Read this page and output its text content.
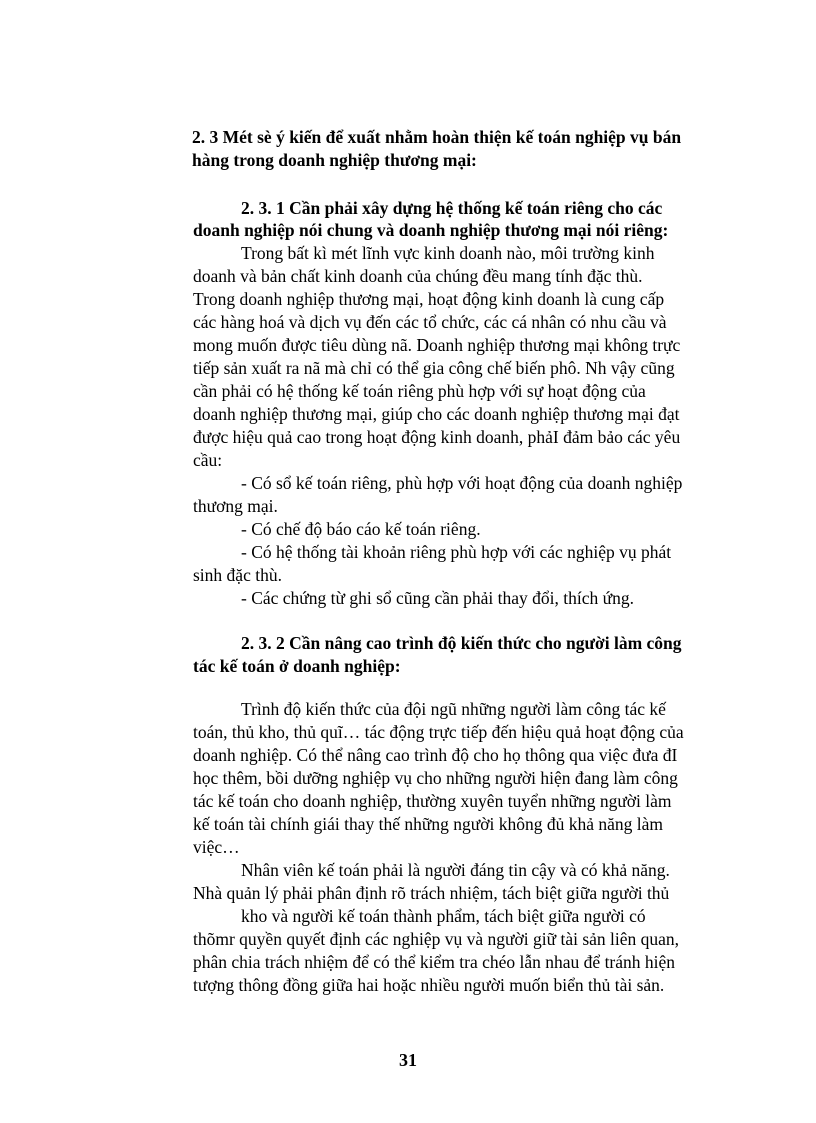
2. 3 Mét sè ý kiến để xuất nhằm hoàn thiện kế toán nghiệp vụ bán
hàng trong doanh nghiệp thương mại:
2. 3. 1 Cần phải xây dựng hệ thống kế toán riêng cho các
doanh nghiệp nói chung và doanh nghiệp thương mại nói riêng:
Trong bất kì mét lĩnh vực kinh doanh nào, môi trường kinh
doanh và bản chất kinh doanh của chúng đều mang tính đặc thù.
Trong doanh nghiệp thương mại, hoạt động kinh doanh là cung cấp
các hàng hoá và dịch vụ đến các tổ chức, các cá nhân có nhu cầu và
mong muốn được tiêu dùng nã. Doanh nghiệp thương mại không trực
tiếp sản xuất ra nã mà chỉ có thể gia công chế biến phô. Nh vậy cũng
cần phải có hệ thống kế toán riêng phù hợp với sự hoạt động của
doanh nghiệp thương mại, giúp cho các doanh nghiệp thương mại đạt
được hiệu quả cao trong hoạt động kinh doanh, phảI đảm bảo các yêu
cầu:
- Có sổ kế toán riêng, phù hợp với hoạt động của doanh nghiệp
thương mại.
- Có chế độ báo cáo kế toán riêng.
- Có hệ thống tài khoản riêng phù hợp với các nghiệp vụ phát
sinh đặc thù.
- Các chứng từ ghi sổ cũng cần phải thay đổi, thích ứng.
2. 3. 2 Cần nâng cao trình độ kiến thức cho người làm công
tác kế toán ở doanh nghiệp:
Trình độ kiến thức của đội ngũ những người làm công tác kế
toán, thủ kho, thủ quĩ… tác động trực tiếp đến hiệu quả hoạt động của
doanh nghiệp. Có thể nâng cao trình độ cho họ thông qua việc đưa đI
học thêm, bồi dưỡng nghiệp vụ cho những người hiện đang làm công
tác kế toán cho doanh nghiệp, thường xuyên tuyển những người làm
kế toán tài chính giái thay thế những người không đủ khả năng làm
việc…
Nhân viên kế toán phải là người đáng tin cậy và có khả năng.
Nhà quản lý phải phân định rõ trách nhiệm, tách biệt giữa người thủ
kho và người kế toán thành phẩm, tách biệt giữa người có
thõmr quyền quyết định các nghiệp vụ và người giữ tài sản liên quan,
phân chia trách nhiệm để có thể kiểm tra chéo lẫn nhau để tránh hiện
tượng thông đồng giữa hai hoặc nhiều người muốn biển thủ tài sản.
31
